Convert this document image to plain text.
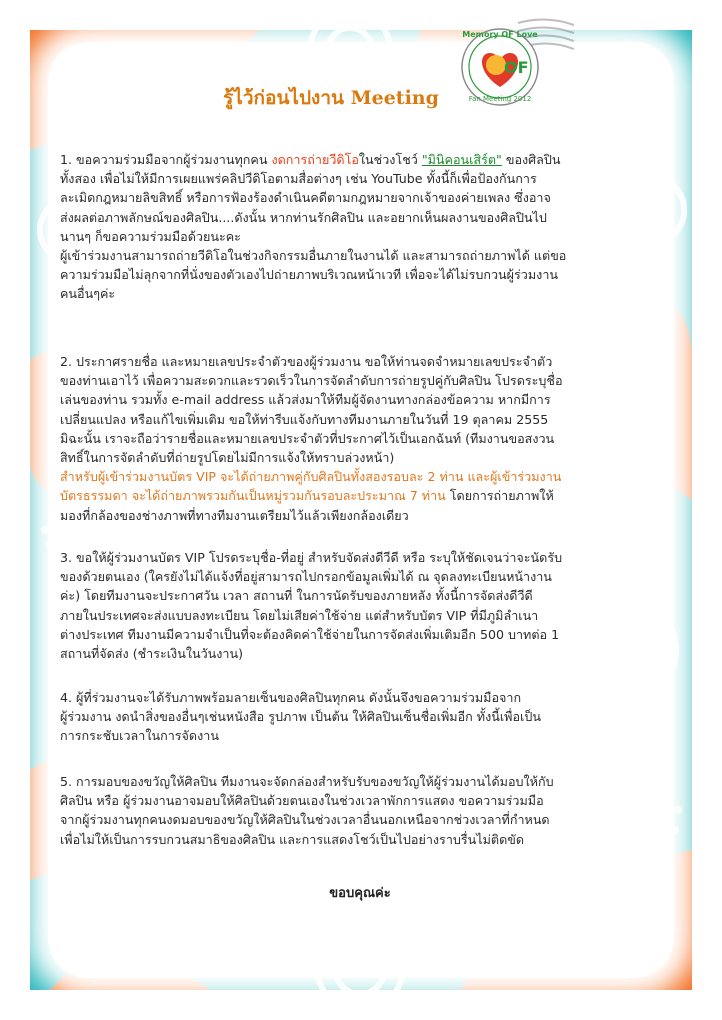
OF
Memory OF Love
Fan Meeting 2012
รู้ไว้ก่อนไปงาน Meeting

1. ขอความร่วมมือจากผู้ร่วมงานทุกคน งดการถ่ายวีดิโอในช่วงโชว์ "มินิคอนเสิร์ต" ของศิลปิน

ทั้งสอง เพื่อไม่ให้มีการเผยแพร่คลิปวีดิโอตามสื่อต่างๆ เช่น YouTube ทั้งนี้ก็เพื่อป้องกันการ

ละเมิดกฎหมายลิขสิทธิ์ หรือการฟ้องร้องดำเนินคดีตามกฎหมายจากเจ้าของค่ายเพลง ซึ่งอาจ

ส่งผลต่อภาพลักษณ์ของศิลปิน....ดังนั้น หากท่านรักศิลปิน และอยากเห็นผลงานของศิลปินไป

นานๆ ก็ขอความร่วมมือด้วยนะคะ

ผู้เข้าร่วมงานสามารถถ่ายวีดิโอในช่วงกิจกรรมอื่นภายในงานได้ และสามารถถ่ายภาพได้ แต่ขอ

ความร่วมมือไม่ลุกจากที่นั่งของตัวเองไปถ่ายภาพบริเวณหน้าเวที เพื่อจะได้ไม่รบกวนผู้ร่วมงาน

คนอื่นๆค่ะ

2. ประกาศรายชื่อ และหมายเลขประจำตัวของผู้ร่วมงาน ขอให้ท่านจดจำหมายเลขประจำตัว

ของท่านเอาไว้ เพื่อความสะดวกและรวดเร็วในการจัดลำดับการถ่ายรูปคู่กับศิลปิน โปรดระบุชื่อ

เล่นของท่าน รวมทั้ง e-mail address แล้วส่งมาให้ทีมผู้จัดงานทางกล่องข้อความ หากมีการ

เปลี่ยนแปลง หรือแก้ไขเพิ่มเติม ขอให้ท่ารีบแจ้งกับทางทีมงานภายในวันที่ 19 ตุลาคม 2555

มิฉะนั้น เราจะถือว่ารายชื่อและหมายเลขประจำตัวที่ประกาศไว้เป็นเอกฉันท์ (ทีมงานขอสงวน

สิทธิ์ในการจัดลำดับที่ถ่ายรูปโดยไม่มีการแจ้งให้ทราบล่วงหน้า)

สำหรับผู้เข้าร่วมงานบัตร VIP จะได้ถ่ายภาพคู่กับศิลปินทั้งสองรอบละ 2 ท่าน และผู้เข้าร่วมงาน

บัตรธรรมดา จะได้ถ่ายภาพรวมกันเป็นหมู่รวมกันรอบละประมาณ 7 ท่าน โดยการถ่ายภาพให้

มองที่กล้องของช่างภาพที่ทางทีมงานเตรียมไว้แล้วเพียงกล้องเดียว

3. ขอให้ผู้ร่วมงานบัตร VIP โปรดระบุชื่อ-ที่อยู่ สำหรับจัดส่งดีวีดี หรือ ระบุให้ชัดเจนว่าจะนัดรับ

ของด้วยตนเอง (ใครยังไม่ได้แจ้งที่อยู่สามารถไปกรอกข้อมูลเพิ่มได้ ณ จุดลงทะเบียนหน้างาน

ค่ะ) โดยทีมงานจะประกาศวัน เวลา สถานที่ ในการนัดรับของภายหลัง ทั้งนี้การจัดส่งดีวีดี

ภายในประเทศจะส่งแบบลงทะเบียน โดยไม่เสียค่าใช้จ่าย แต่สำหรับบัตร VIP ที่มีภูมิลำเนา

ต่างประเทศ ทีมงานมีความจำเป็นที่จะต้องคิดค่าใช้จ่ายในการจัดส่งเพิ่มเติมอีก 500 บาทต่อ 1

สถานที่จัดส่ง (ชำระเงินในวันงาน)

4. ผู้ที่ร่วมงานจะได้รับภาพพร้อมลายเซ็นของศิลปินทุกคน ดังนั้นจึงขอความร่วมมือจาก

ผู้ร่วมงาน งดนำสิ่งของอื่นๆเช่นหนังสือ รูปภาพ เป็นต้น ให้ศิลปินเซ็นชื่อเพิ่มอีก ทั้งนี้เพื่อเป็น

การกระชับเวลาในการจัดงาน

5. การมอบของขวัญให้ศิลปิน ทีมงานจะจัดกล่องสำหรับรับของขวัญให้ผู้ร่วมงานได้มอบให้กับ

ศิลปิน หรือ ผู้ร่วมงานอาจมอบให้ศิลปินด้วยตนเองในช่วงเวลาพักการแสดง ขอความร่วมมือ

จากผู้ร่วมงานทุกคนงดมอบของขวัญให้ศิลปินในช่วงเวลาอื่นนอกเหนือจากช่วงเวลาที่กำหนด

เพื่อไม่ให้เป็นการรบกวนสมาธิของศิลปิน และการแสดงโชว์เป็นไปอย่างราบรื่นไม่ติดขัด

ขอบคุณค่ะ
